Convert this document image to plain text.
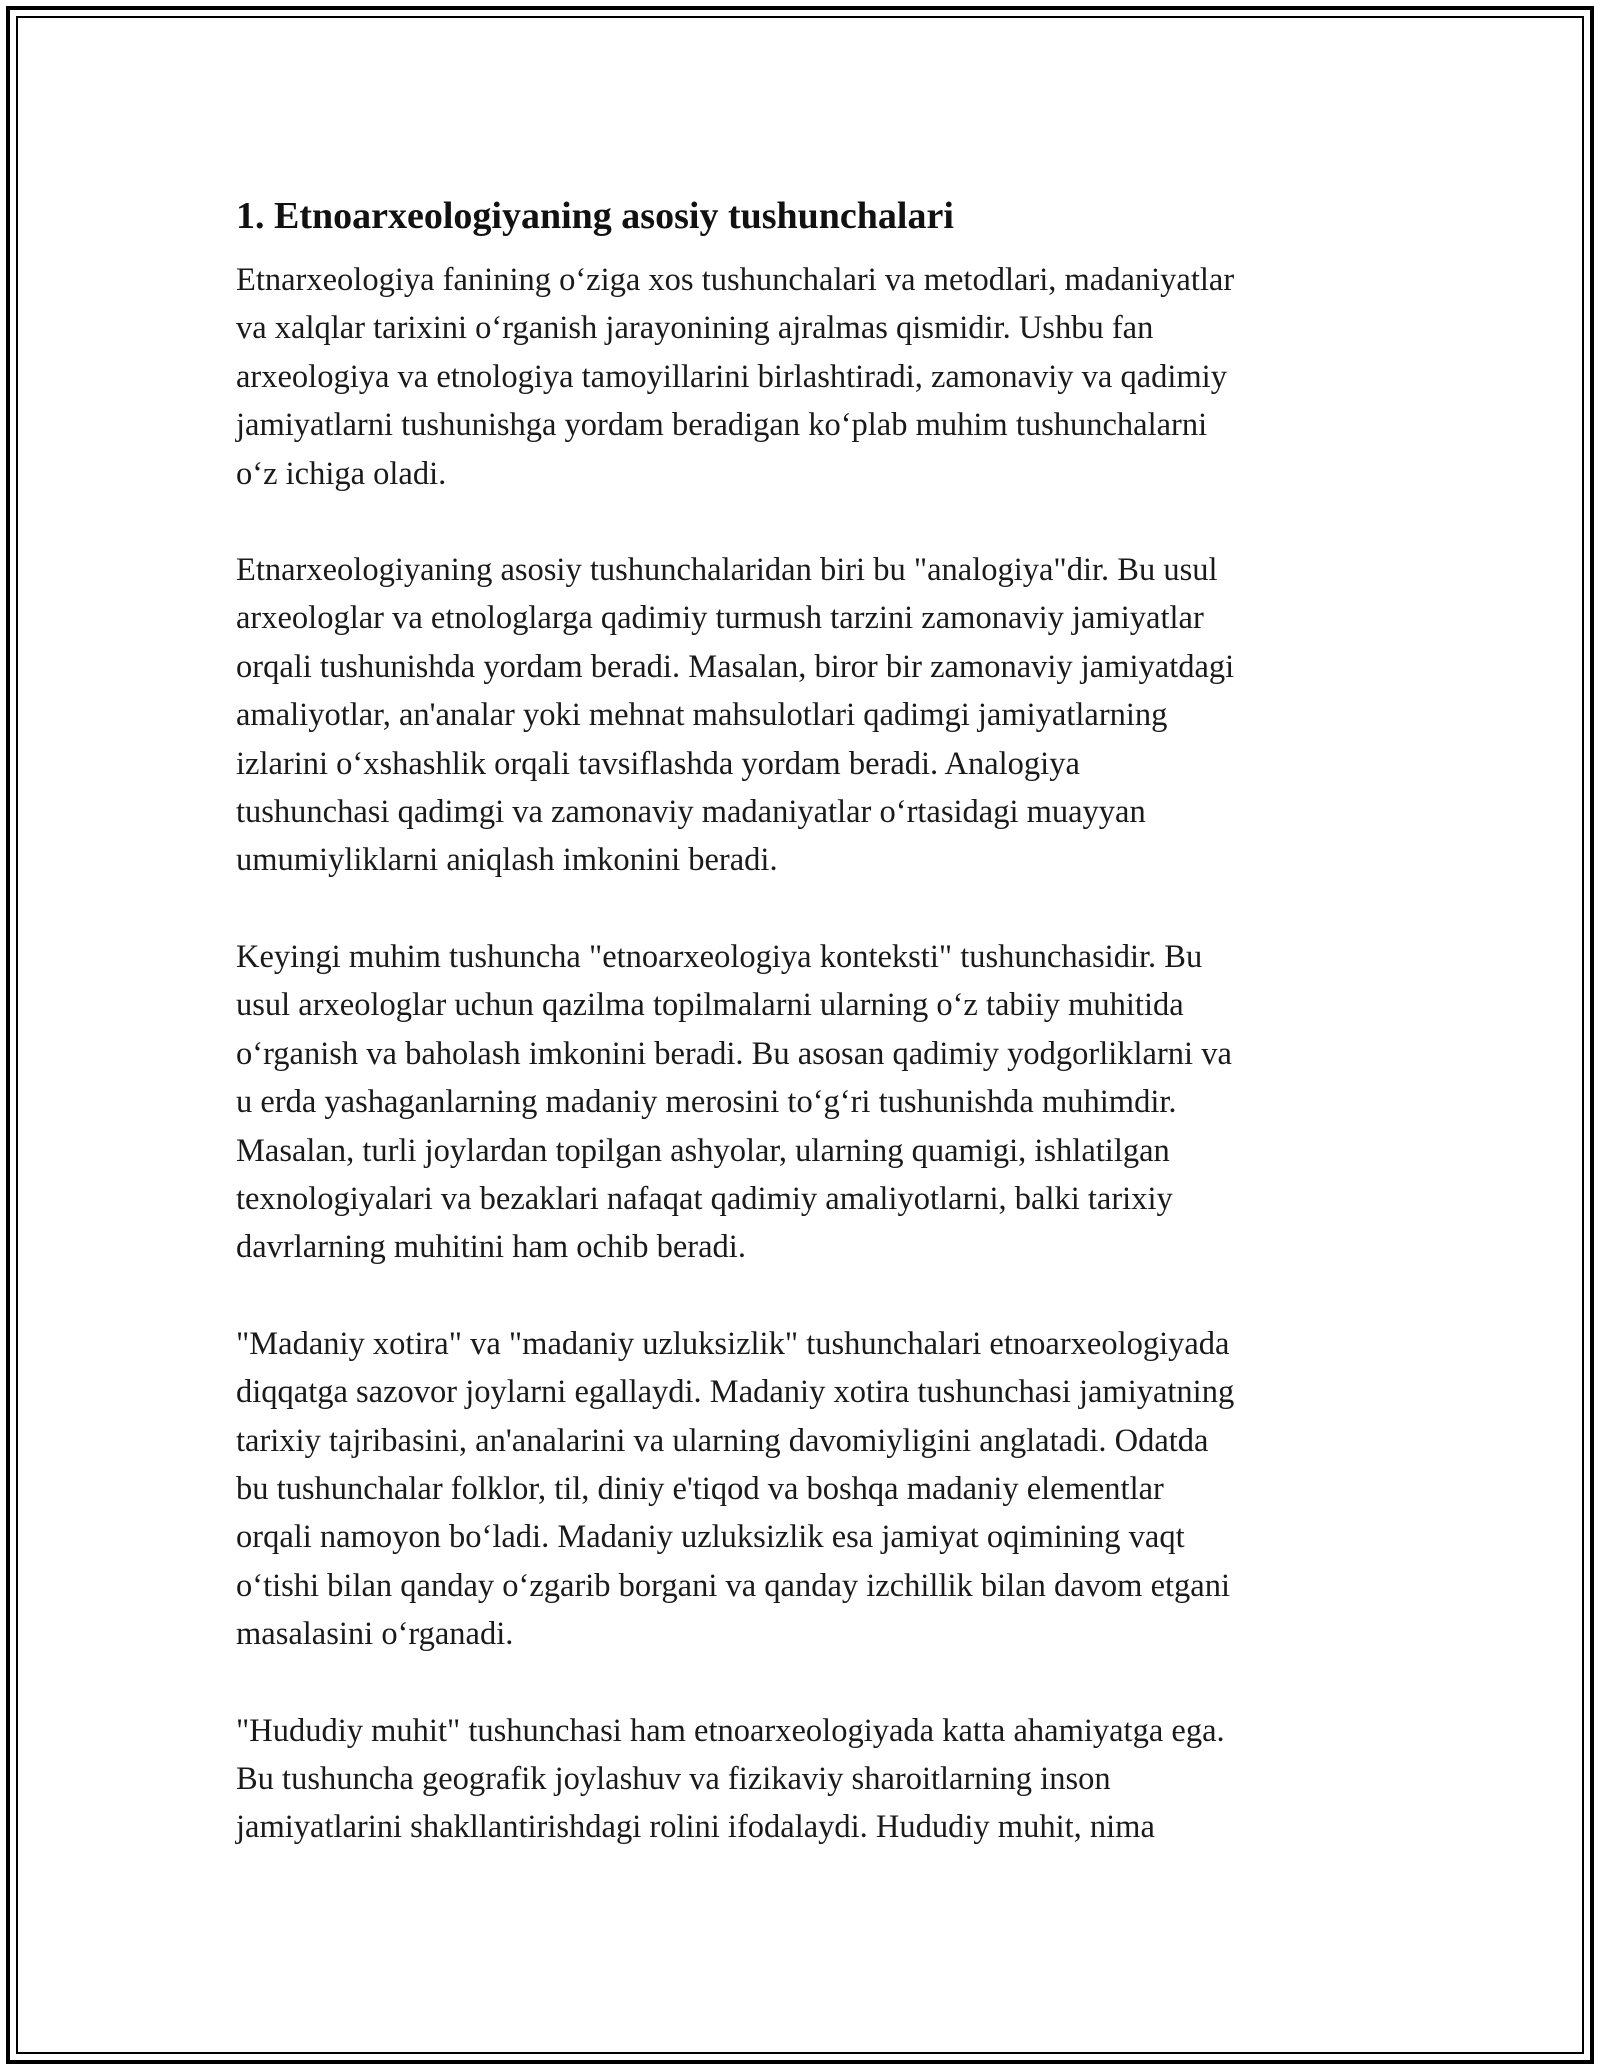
1. Etnoarxeologiyaning asosiy tushunchalari

Etnarxeologiya fanining oʻziga xos tushunchalari va metodlari, madaniyatlar
va xalqlar tarixini oʻrganish jarayonining ajralmas qismidir. Ushbu fan
arxeologiya va etnologiya tamoyillarini birlashtiradi, zamonaviy va qadimiy
jamiyatlarni tushunishga yordam beradigan koʻplab muhim tushunchalarni
oʻz ichiga oladi.

Etnarxeologiyaning asosiy tushunchalaridan biri bu "analogiya"dir. Bu usul
arxeologlar va etnologlarga qadimiy turmush tarzini zamonaviy jamiyatlar
orqali tushunishda yordam beradi. Masalan, biror bir zamonaviy jamiyatdagi
amaliyotlar, an'analar yoki mehnat mahsulotlari qadimgi jamiyatlarning
izlarini oʻxshashlik orqali tavsiflashda yordam beradi. Analogiya
tushunchasi qadimgi va zamonaviy madaniyatlar oʻrtasidagi muayyan
umumiyliklarni aniqlash imkonini beradi.

Keyingi muhim tushuncha "etnoarxeologiya konteksti" tushunchasidir. Bu
usul arxeologlar uchun qazilma topilmalarni ularning oʻz tabiiy muhitida
oʻrganish va baholash imkonini beradi. Bu asosan qadimiy yodgorliklarni va
u erda yashaganlarning madaniy merosini toʻgʻri tushunishda muhimdir.
Masalan, turli joylardan topilgan ashyolar, ularning quamigi, ishlatilgan
texnologiyalari va bezaklari nafaqat qadimiy amaliyotlarni, balki tarixiy
davrlarning muhitini ham ochib beradi.

"Madaniy xotira" va "madaniy uzluksizlik" tushunchalari etnoarxeologiyada
diqqatga sazovor joylarni egallaydi. Madaniy xotira tushunchasi jamiyatning
tarixiy tajribasini, an'analarini va ularning davomiyligini anglatadi. Odatda
bu tushunchalar folklor, til, diniy e'tiqod va boshqa madaniy elementlar
orqali namoyon boʻladi. Madaniy uzluksizlik esa jamiyat oqimining vaqt
oʻtishi bilan qanday oʻzgarib borgani va qanday izchillik bilan davom etgani
masalasini oʻrganadi.

"Hududiy muhit" tushunchasi ham etnoarxeologiyada katta ahamiyatga ega.
Bu tushuncha geografik joylashuv va fizikaviy sharoitlarning inson
jamiyatlarini shakllantirishdagi rolini ifodalaydi. Hududiy muhit, nima
